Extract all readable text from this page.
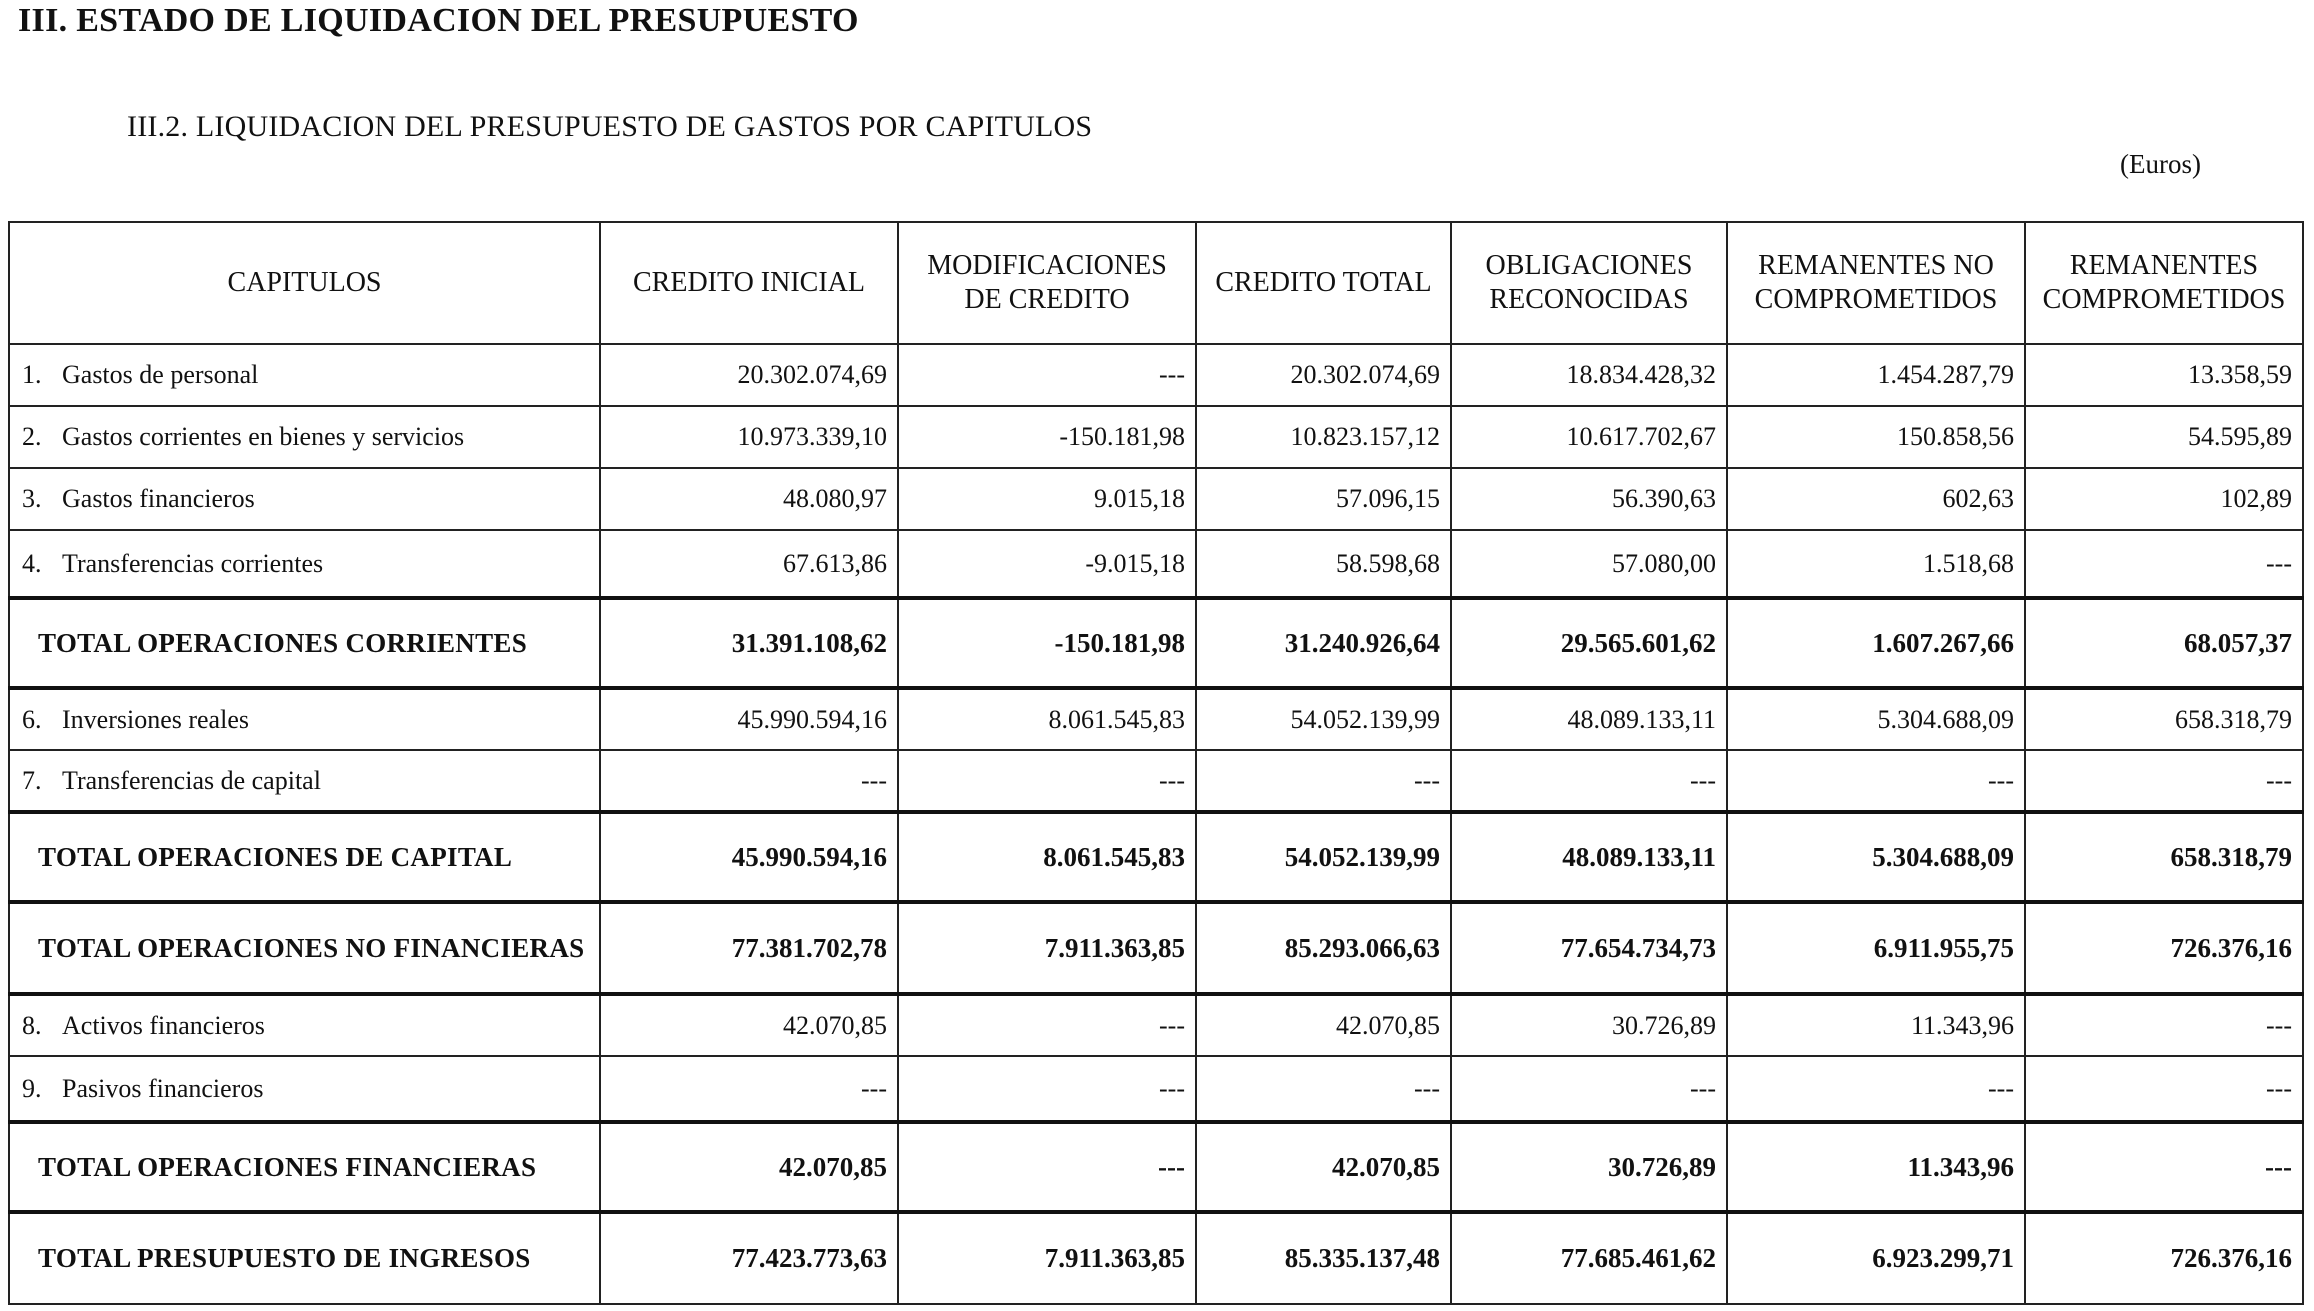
III. ESTADO DE LIQUIDACION DEL PRESUPUESTO
III.2. LIQUIDACION DEL PRESUPUESTO DE GASTOS POR CAPITULOS
(Euros)
CAPITULOS	CREDITO INICIAL	MODIFICACIONES DE CREDITO	CREDITO TOTAL	OBLIGACIONES RECONOCIDAS	REMANENTES NO COMPROMETIDOS	REMANENTES COMPROMETIDOS
1. Gastos de personal	20.302.074,69	---	20.302.074,69	18.834.428,32	1.454.287,79	13.358,59
2. Gastos corrientes en bienes y servicios	10.973.339,10	-150.181,98	10.823.157,12	10.617.702,67	150.858,56	54.595,89
3. Gastos financieros	48.080,97	9.015,18	57.096,15	56.390,63	602,63	102,89
4. Transferencias corrientes	67.613,86	-9.015,18	58.598,68	57.080,00	1.518,68	---
TOTAL OPERACIONES CORRIENTES	31.391.108,62	-150.181,98	31.240.926,64	29.565.601,62	1.607.267,66	68.057,37
6. Inversiones reales	45.990.594,16	8.061.545,83	54.052.139,99	48.089.133,11	5.304.688,09	658.318,79
7. Transferencias de capital	---	---	---	---	---	---
TOTAL OPERACIONES DE CAPITAL	45.990.594,16	8.061.545,83	54.052.139,99	48.089.133,11	5.304.688,09	658.318,79
TOTAL OPERACIONES NO FINANCIERAS	77.381.702,78	7.911.363,85	85.293.066,63	77.654.734,73	6.911.955,75	726.376,16
8. Activos financieros	42.070,85	---	42.070,85	30.726,89	11.343,96	---
9. Pasivos financieros	---	---	---	---	---	---
TOTAL OPERACIONES FINANCIERAS	42.070,85	---	42.070,85	30.726,89	11.343,96	---
TOTAL PRESUPUESTO DE INGRESOS	77.423.773,63	7.911.363,85	85.335.137,48	77.685.461,62	6.923.299,71	726.376,16
